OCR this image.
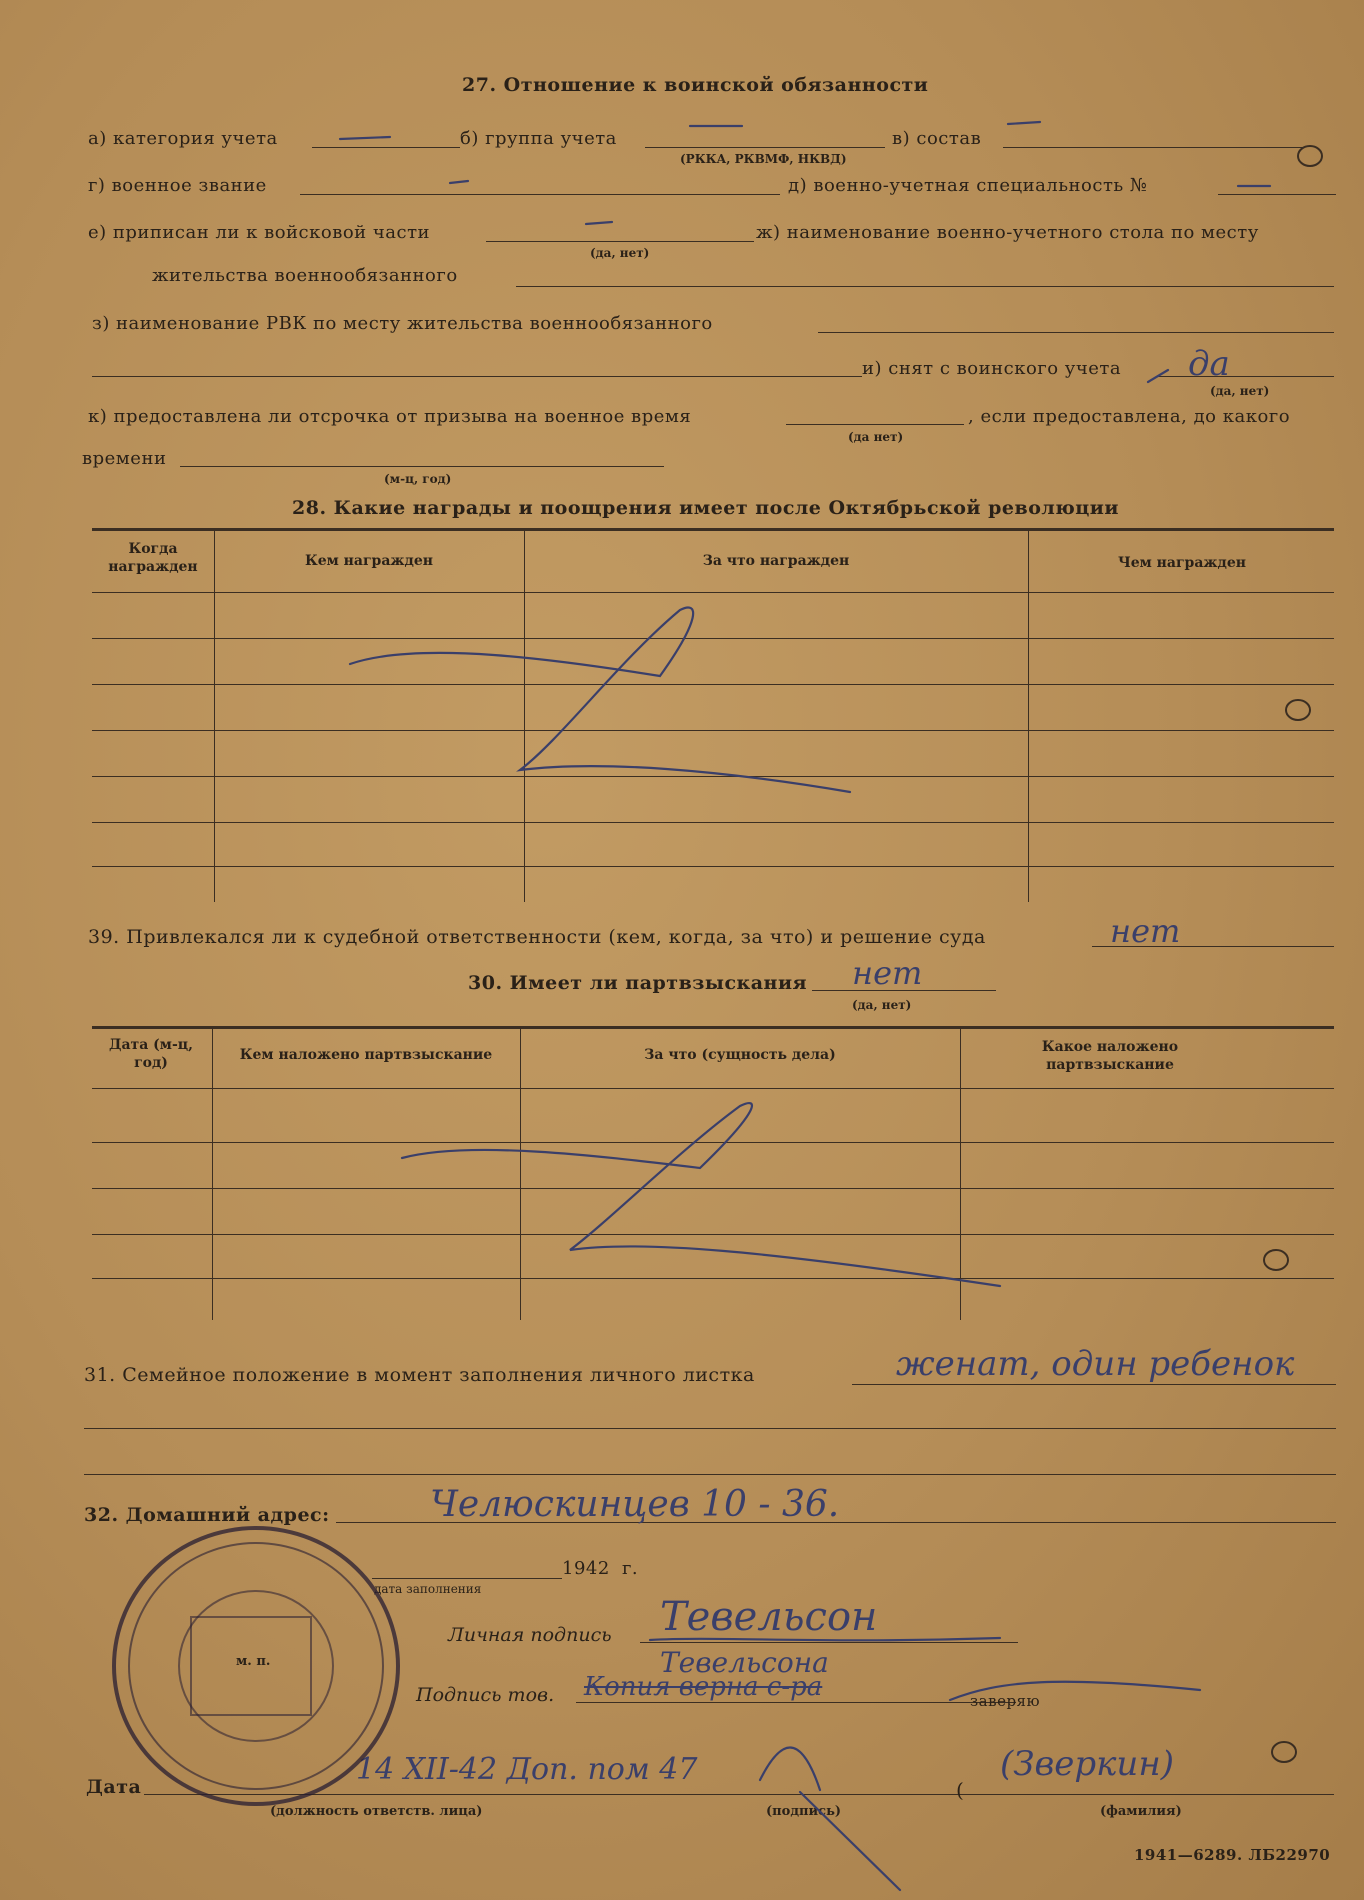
27. Отношение к воинской обязанности
а) категория учета	б) группа учета
(РККА, РКВМФ, НКВД)
в) состав
г) военное звание	д) военно-учетная специальность №
е) приписан ли к войсковой части
(да, нет)
ж) наименование военно-учетного стола по месту
жительства военнообязанного
з) наименование РВК по месту жительства военнообязанного
и) снят с воинского учета да
(да, нет)
к) предоставлена ли отсрочка от призыва на военное время
(да нет)
, если предоставлена, до какого
времени
(м-ц, год)
28. Какие награды и поощрения имеет после Октябрьской революции
Когда награжден	Кем награжден	За что награжден	Чем награжден
39. Привлекался ли к судебной ответственности (кем, когда, за что) и решение суда	нет
30. Имеет ли партвзыскания нет
(да, нет)
Дата (м-ц, год)	Кем наложено партвзыскание	За что (сущность дела)	Какое наложено партвзыскание
31. Семейное положение в момент заполнения личного листка	женат, один ребенок
32. Домашний адрес:	Челюскинцев 10 - 36.
1942 г.
дата заполнения
Личная подпись Тевельсон
Подпись тов.
Тевельсона
Копия верна с-ра	заверяю
Дата	14 XII-42 Доп. пом 47
(должность ответств. лица)	(подпись)
(
(Зверкин)
(фамилия)
1941—6289. ЛБ22970
м. п.
